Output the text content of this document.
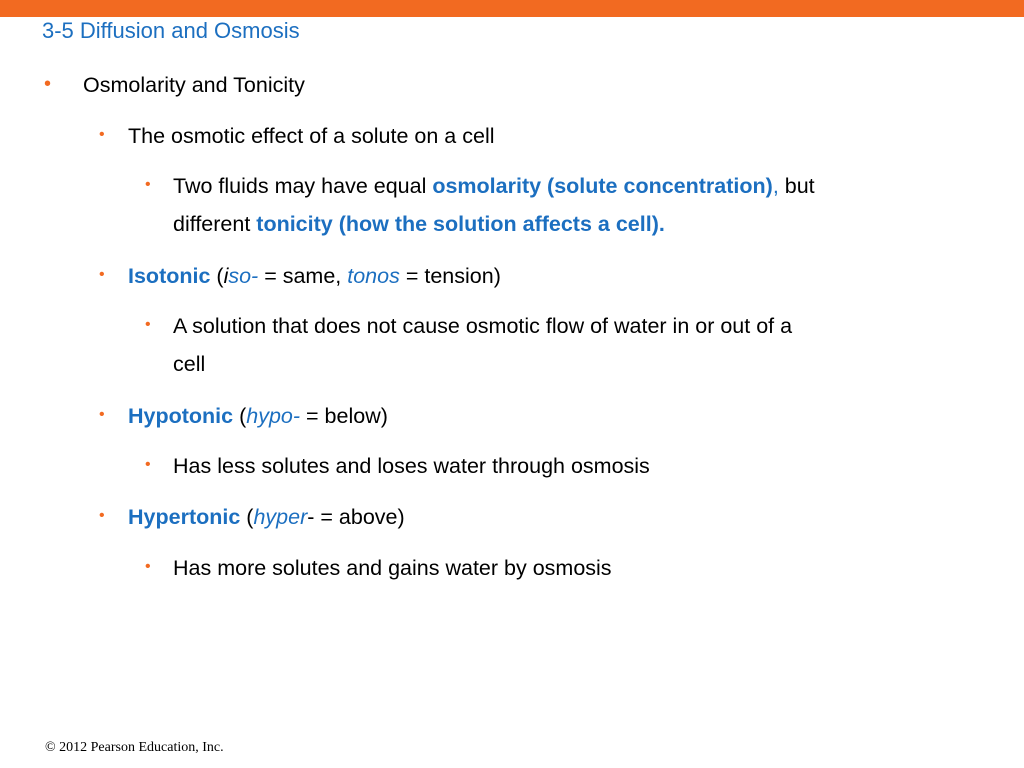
3-5 Diffusion and Osmosis
• Osmolarity and Tonicity
• The osmotic effect of a solute on a cell
• Two fluids may have equal osmolarity (solute concentration), but
different tonicity (how the solution affects a cell).
• Isotonic (iso- = same, tonos = tension)
• A solution that does not cause osmotic flow of water in or out of a
cell
• Hypotonic (hypo- = below)
• Has less solutes and loses water through osmosis
• Hypertonic (hyper- = above)
• Has more solutes and gains water by osmosis
© 2012 Pearson Education, Inc.
